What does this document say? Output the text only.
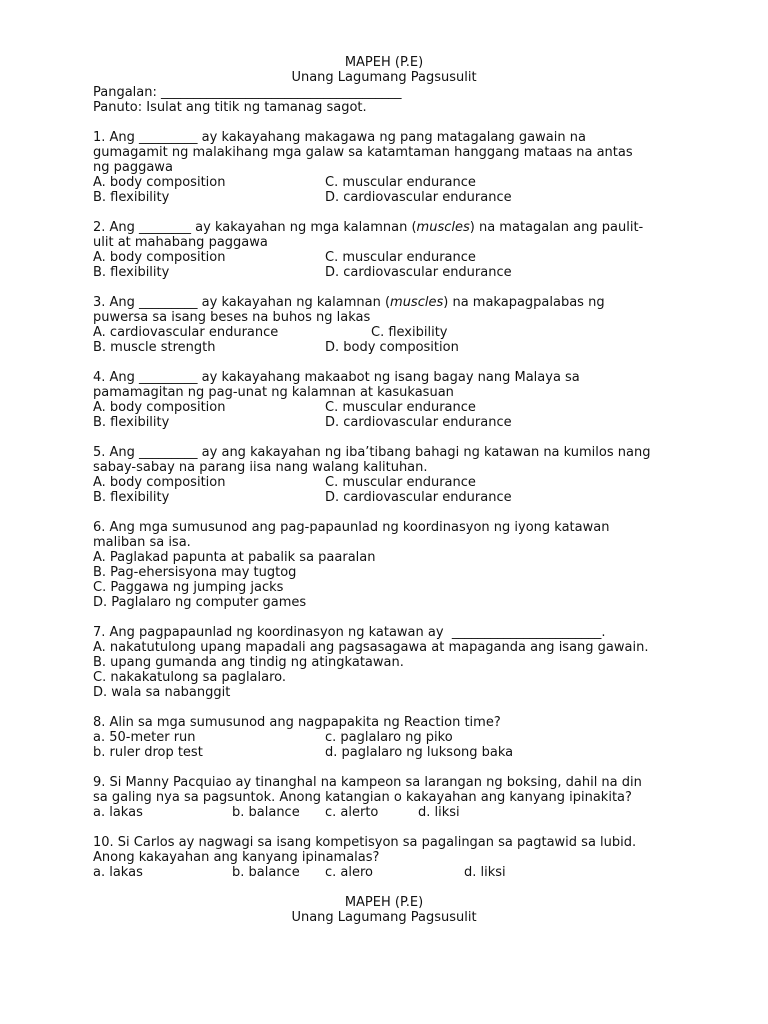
MAPEH (P.E)
Unang Lagumang Pagsusulit
Pangalan: _____________________________________
Panuto: Isulat ang titik ng tamanag sagot.
1. Ang _________ ay kakayahang makagawa ng pang matagalang gawain na
gumagamit ng malakihang mga galaw sa katamtaman hanggang mataas na antas
ng paggawa
A. body composition	C. muscular endurance
B. flexibility	D. cardiovascular endurance
2. Ang ________ ay kakayahan ng mga kalamnan (muscles) na matagalan ang paulit-
ulit at mahabang paggawa
A. body composition	C. muscular endurance
B. flexibility	D. cardiovascular endurance
3. Ang _________ ay kakayahan ng kalamnan (muscles) na makapagpalabas ng
puwersa sa isang beses na buhos ng lakas
A. cardiovascular endurance	C. flexibility
B. muscle strength	D. body composition
4. Ang _________ ay kakayahang makaabot ng isang bagay nang Malaya sa
pamamagitan ng pag-unat ng kalamnan at kasukasuan
A. body composition	C. muscular endurance
B. flexibility	D. cardiovascular endurance
5. Ang _________ ay ang kakayahan ng iba’tibang bahagi ng katawan na kumilos nang
sabay-sabay na parang iisa nang walang kalituhan.
A. body composition	C. muscular endurance
B. flexibility	D. cardiovascular endurance
6. Ang mga sumusunod ang pag-papaunlad ng koordinasyon ng iyong katawan
maliban sa isa.
A. Paglakad papunta at pabalik sa paaralan
B. Pag-ehersisyona may tugtog
C. Paggawa ng jumping jacks
D. Paglalaro ng computer games
7. Ang pagpapaunlad ng koordinasyon ng katawan ay  _______________________.
A. nakatutulong upang mapadali ang pagsasagawa at mapaganda ang isang gawain.
B. upang gumanda ang tindig ng atingkatawan.
C. nakakatulong sa paglalaro.
D. wala sa nabanggit
8. Alin sa mga sumusunod ang nagpapakita ng Reaction time?
a. 50-meter run	c. paglalaro ng piko
b. ruler drop test	d. paglalaro ng luksong baka
9. Si Manny Pacquiao ay tinanghal na kampeon sa larangan ng boksing, dahil na din
sa galing nya sa pagsuntok. Anong katangian o kakayahan ang kanyang ipinakita?
a. lakas	b. balance	c. alerto	d. liksi
10. Si Carlos ay nagwagi sa isang kompetisyon sa pagalingan sa pagtawid sa lubid.
Anong kakayahan ang kanyang ipinamalas?
a. lakas	b. balance	c. alero	d. liksi
MAPEH (P.E)
Unang Lagumang Pagsusulit
